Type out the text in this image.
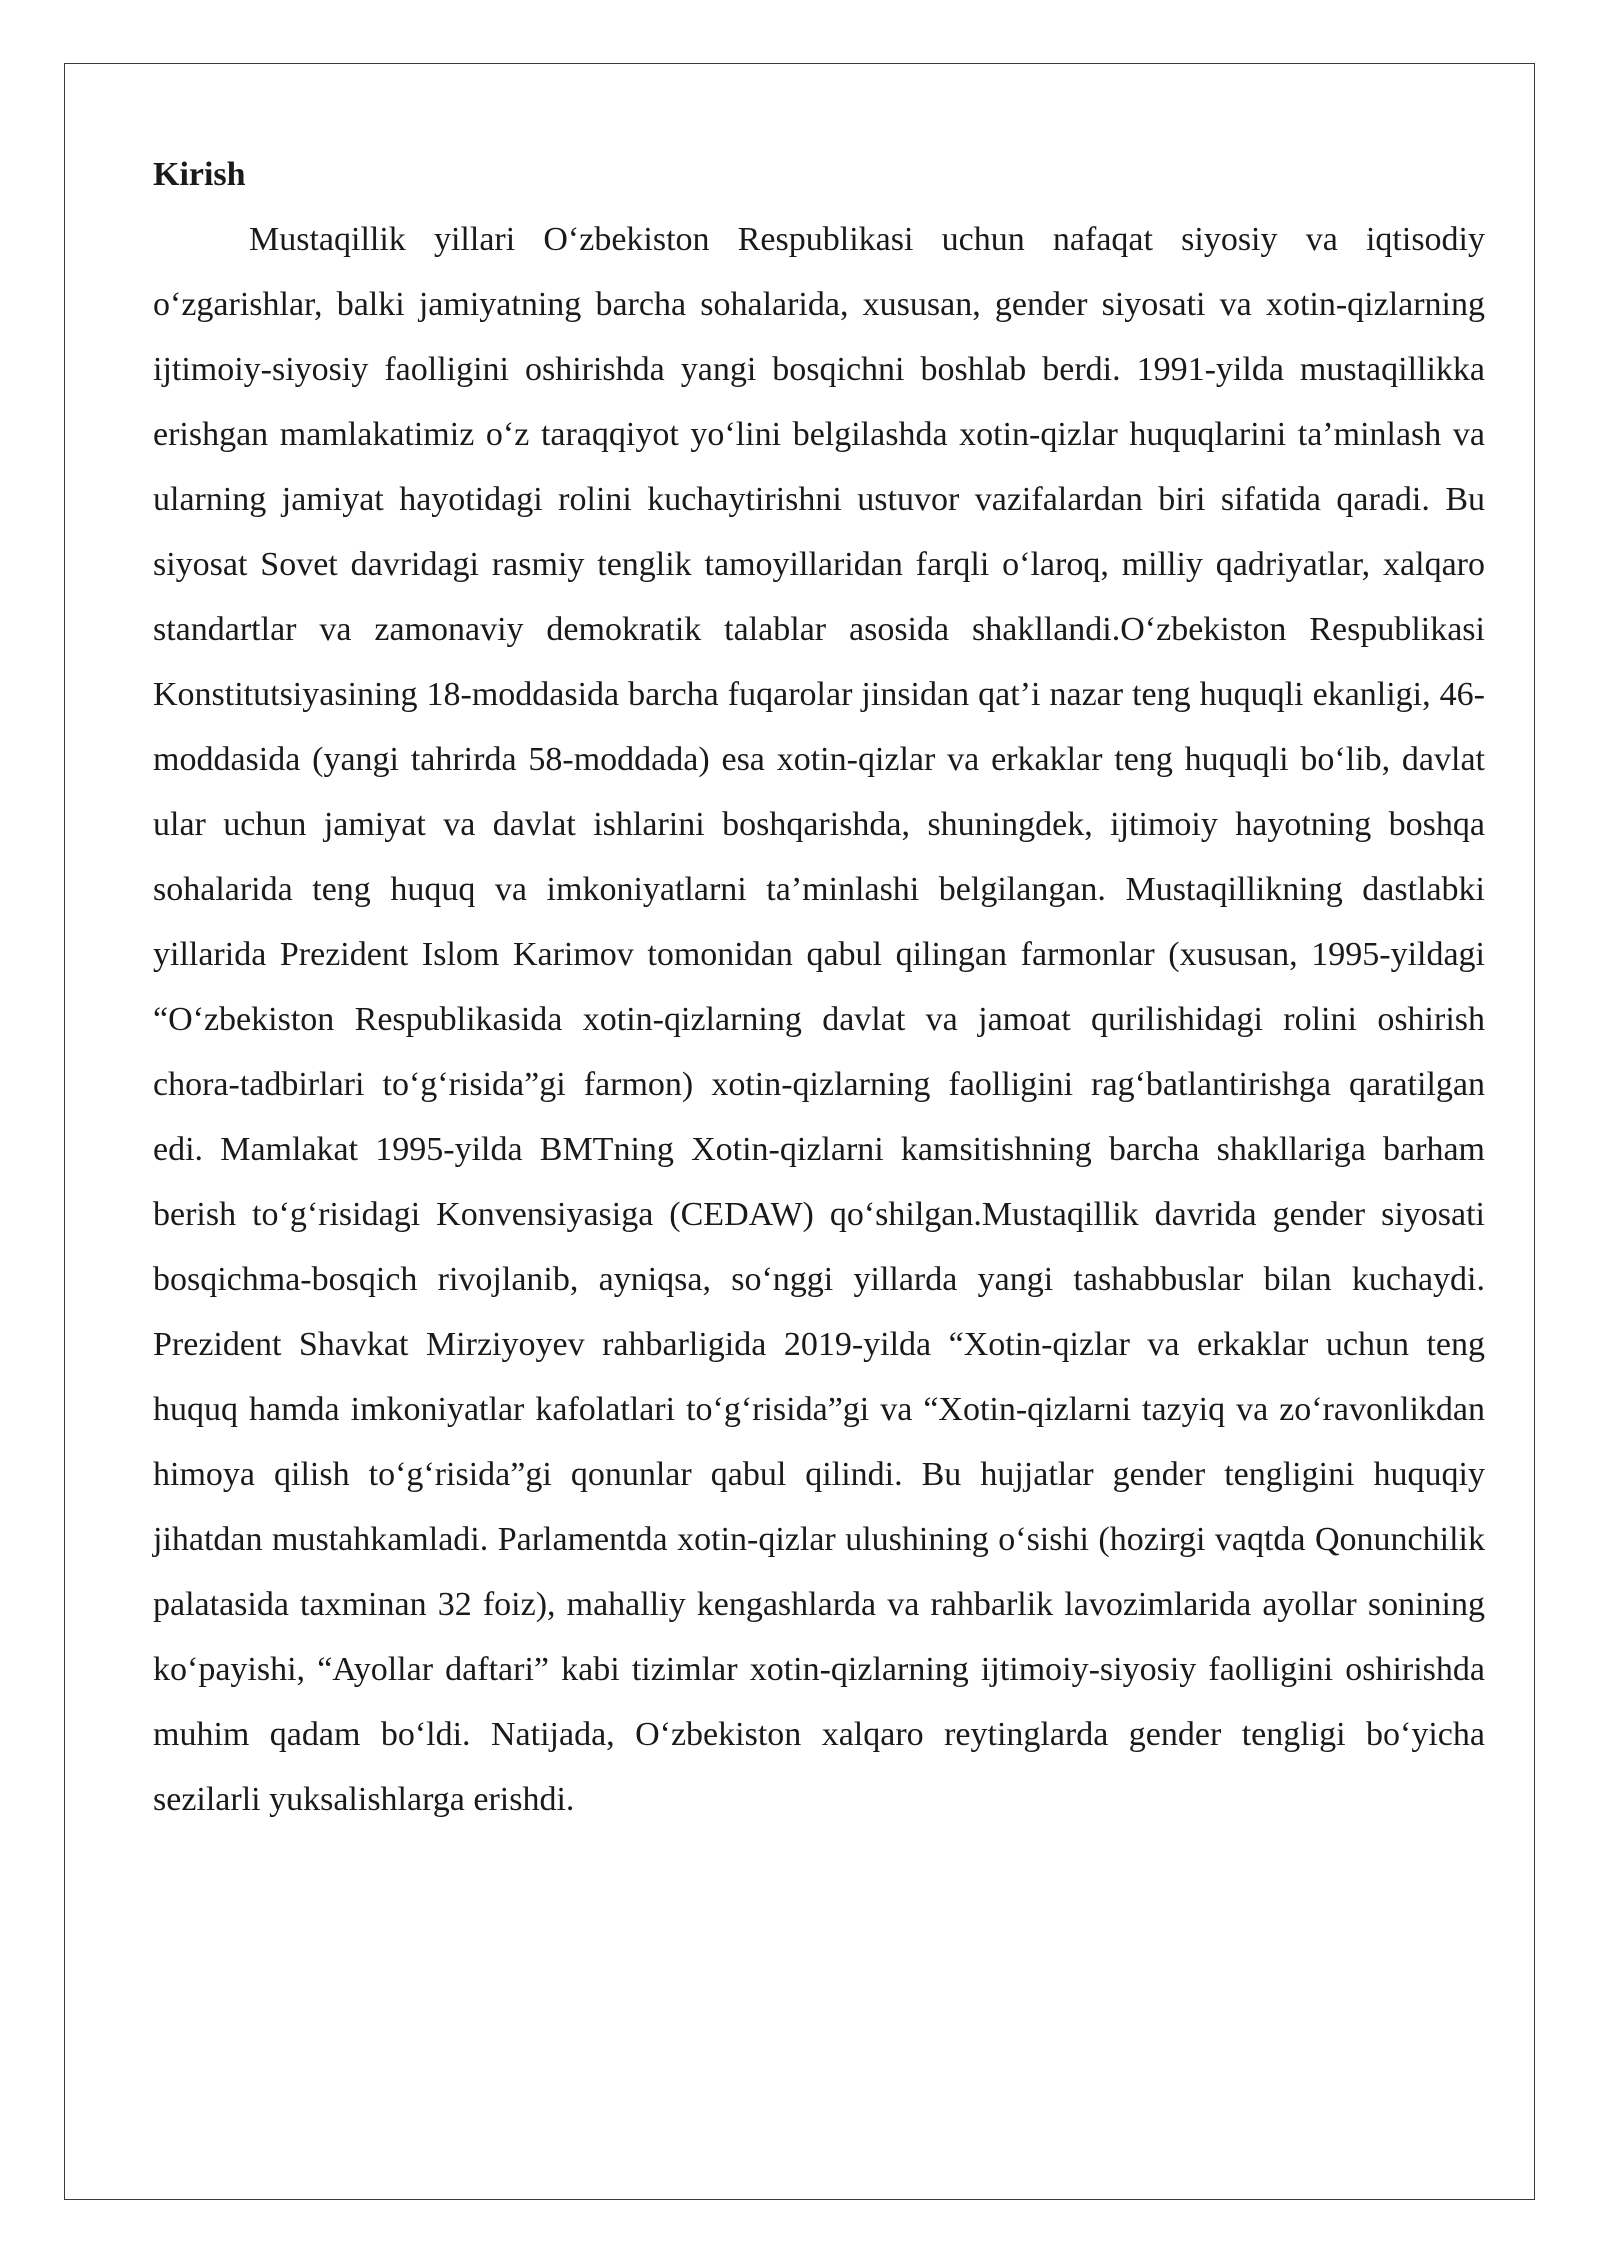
Kirish

Mustaqillik yillari O‘zbekiston Respublikasi uchun nafaqat siyosiy va iqtisodiy o‘zgarishlar, balki jamiyatning barcha sohalarida, xususan, gender siyosati va xotin-qizlarning ijtimoiy-siyosiy faolligini oshirishda yangi bosqichni boshlab berdi. 1991-yilda mustaqillikka erishgan mamlakatimiz o‘z taraqqiyot yo‘lini belgilashda xotin-qizlar huquqlarini ta’minlash va ularning jamiyat hayotidagi rolini kuchaytirishni ustuvor vazifalardan biri sifatida qaradi. Bu siyosat Sovet davridagi rasmiy tenglik tamoyillaridan farqli o‘laroq, milliy qadriyatlar, xalqaro standartlar va zamonaviy demokratik talablar asosida shakllandi.O‘zbekiston Respublikasi Konstitutsiyasining 18-moddasida barcha fuqarolar jinsidan qat’i nazar teng huquqli ekanligi, 46-moddasida (yangi tahrirda 58-moddada) esa xotin-qizlar va erkaklar teng huquqli bo‘lib, davlat ular uchun jamiyat va davlat ishlarini boshqarishda, shuningdek, ijtimoiy hayotning boshqa sohalarida teng huquq va imkoniyatlarni ta’minlashi belgilangan. Mustaqillikning dastlabki yillarida Prezident Islom Karimov tomonidan qabul qilingan farmonlar (xususan, 1995-yildagi “O‘zbekiston Respublikasida xotin-qizlarning davlat va jamoat qurilishidagi rolini oshirish chora-tadbirlari to‘g‘risida”gi farmon) xotin-qizlarning faolligini rag‘batlantirishga qaratilgan edi. Mamlakat 1995-yilda BMTning Xotin-qizlarni kamsitishning barcha shakllariga barham berish to‘g‘risidagi Konvensiyasiga (CEDAW) qo‘shilgan.Mustaqillik davrida gender siyosati bosqichma-bosqich rivojlanib, ayniqsa, so‘nggi yillarda yangi tashabbuslar bilan kuchaydi. Prezident Shavkat Mirziyoyev rahbarligida 2019-yilda “Xotin-qizlar va erkaklar uchun teng huquq hamda imkoniyatlar kafolatlari to‘g‘risida”gi va “Xotin-qizlarni tazyiq va zo‘ravonlikdan himoya qilish to‘g‘risida”gi qonunlar qabul qilindi. Bu hujjatlar gender tengligini huquqiy jihatdan mustahkamladi. Parlamentda xotin-qizlar ulushining o‘sishi (hozirgi vaqtda Qonunchilik palatasida taxminan 32 foiz), mahalliy kengashlarda va rahbarlik lavozimlarida ayollar sonining ko‘payishi, “Ayollar daftari” kabi tizimlar xotin-qizlarning ijtimoiy-siyosiy faolligini oshirishda muhim qadam bo‘ldi. Natijada, O‘zbekiston xalqaro reytinglarda gender tengligi bo‘yicha sezilarli yuksalishlarga erishdi.
